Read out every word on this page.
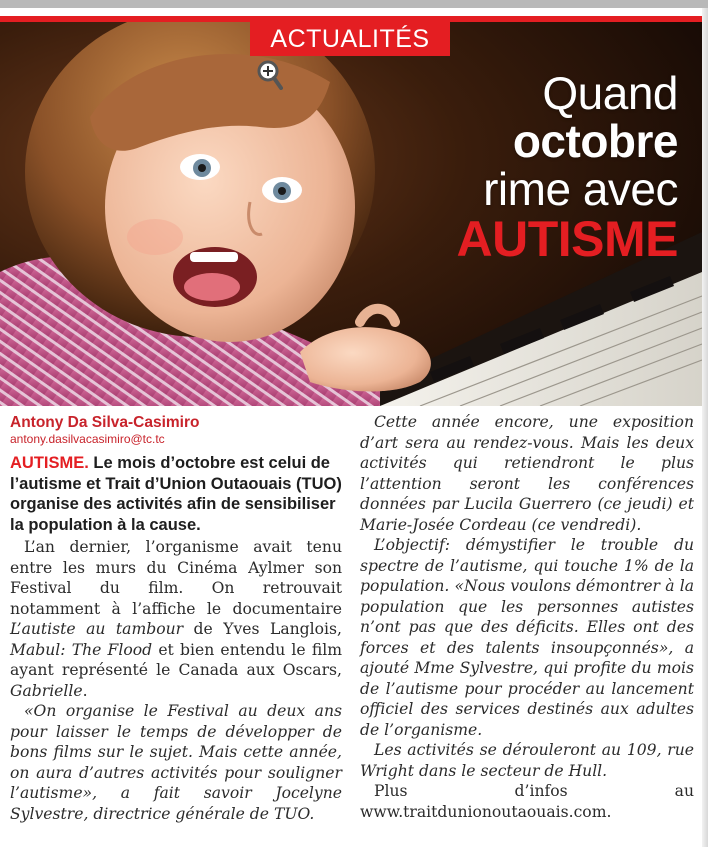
ACTUALITÉS
Quand
octobre
rime avec
AUTISME
Antony Da Silva-Casimiro
antony.dasilvacasimiro@tc.tc
AUTISME. Le mois d’octobre est celui de l’autisme et Trait d’Union Outaouais (TUO) organise des activités afin de sensibiliser la population à la cause.

L’an dernier, l’organisme avait tenu entre les murs du Cinéma Aylmer son Festival du film. On retrouvait notamment à l’affiche le documentaire L’autiste au tambour de Yves Langlois, Mabul: The Flood et bien entendu le film ayant représenté le Canada aux Oscars, Gabrielle.

«On organise le Festival au deux ans pour laisser le temps de développer de bons films sur le sujet. Mais cette année, on aura d’autres activités pour souligner l’autisme», a fait savoir Jocelyne Sylvestre, directrice générale de TUO.

Cette année encore, une exposition d’art sera au rendez-vous. Mais les deux activités qui retiendront le plus l’attention seront les conférences données par Lucila Guerrero (ce jeudi) et Marie-Josée Cordeau (ce vendredi).

L’objectif: démystifier le trouble du spectre de l’autisme, qui touche 1% de la population. «Nous voulons démontrer à la population que les personnes autistes n’ont pas que des déficits. Elles ont des forces et des talents insoupçonnés», a ajouté Mme Sylvestre, qui profite du mois de l’autisme pour procéder au lancement officiel des services destinés aux adultes de l’organisme.

Les activités se dérouleront au 109, rue Wright dans le secteur de Hull.

Plus d’infos au www.traitdunionoutaouais.com.
